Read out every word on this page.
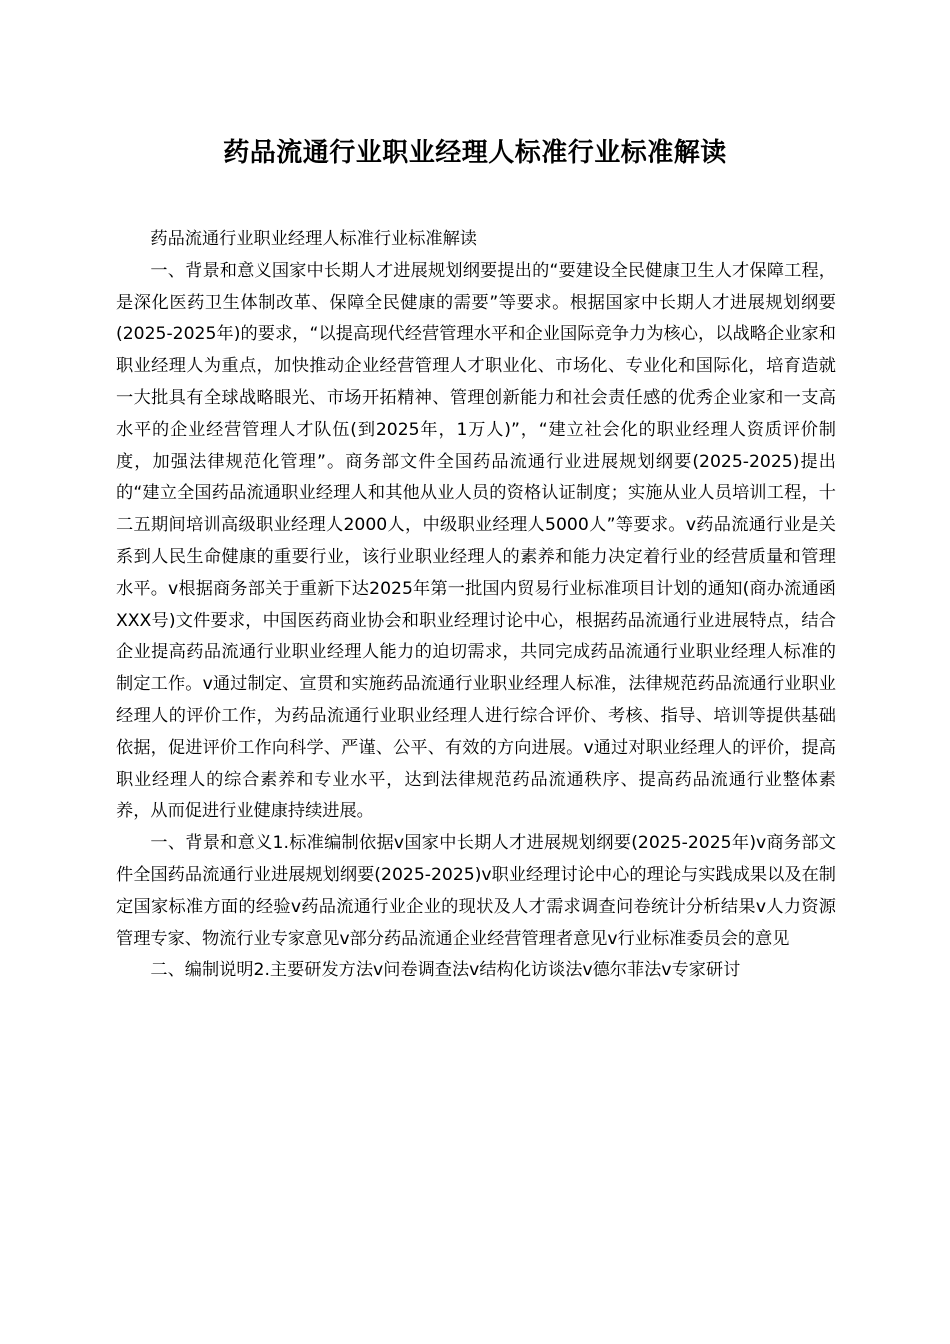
药品流通行业职业经理人标准行业标准解读

药品流通行业职业经理人标准行业标准解读

一、背景和意义国家中长期人才进展规划纲要提出的“要建设全民健康卫生人才保障工程，是深化医药卫生体制改革、保障全民健康的需要”等要求。根据国家中长期人才进展规划纲要(2025-2025年)的要求，“以提高现代经营管理水平和企业国际竞争力为核心，以战略企业家和职业经理人为重点，加快推动企业经营管理人才职业化、市场化、专业化和国际化，培育造就一大批具有全球战略眼光、市场开拓精神、管理创新能力和社会责任感的优秀企业家和一支高水平的企业经营管理人才队伍(到2025年，1万人)”，“建立社会化的职业经理人资质评价制度，加强法律规范化管理”。商务部文件全国药品流通行业进展规划纲要(2025-2025)提出的“建立全国药品流通职业经理人和其他从业人员的资格认证制度；实施从业人员培训工程，十二五期间培训高级职业经理人2000人，中级职业经理人5000人”等要求。v药品流通行业是关系到人民生命健康的重要行业，该行业职业经理人的素养和能力决定着行业的经营质量和管理水平。v根据商务部关于重新下达2025年第一批国内贸易行业标准项目计划的通知(商办流通函XXX号)文件要求，中国医药商业协会和职业经理讨论中心，根据药品流通行业进展特点，结合企业提高药品流通行业职业经理人能力的迫切需求，共同完成药品流通行业职业经理人标准的制定工作。v通过制定、宣贯和实施药品流通行业职业经理人标准，法律规范药品流通行业职业经理人的评价工作，为药品流通行业职业经理人进行综合评价、考核、指导、培训等提供基础依据，促进评价工作向科学、严谨、公平、有效的方向进展。v通过对职业经理人的评价，提高职业经理人的综合素养和专业水平，达到法律规范药品流通秩序、提高药品流通行业整体素养，从而促进行业健康持续进展。

一、背景和意义1.标准编制依据v国家中长期人才进展规划纲要(2025-2025年)v商务部文件全国药品流通行业进展规划纲要(2025-2025)v职业经理讨论中心的理论与实践成果以及在制定国家标准方面的经验v药品流通行业企业的现状及人才需求调查问卷统计分析结果v人力资源管理专家、物流行业专家意见v部分药品流通企业经营管理者意见v行业标准委员会的意见

二、编制说明2.主要研发方法v问卷调查法v结构化访谈法v德尔菲法v专家研讨
